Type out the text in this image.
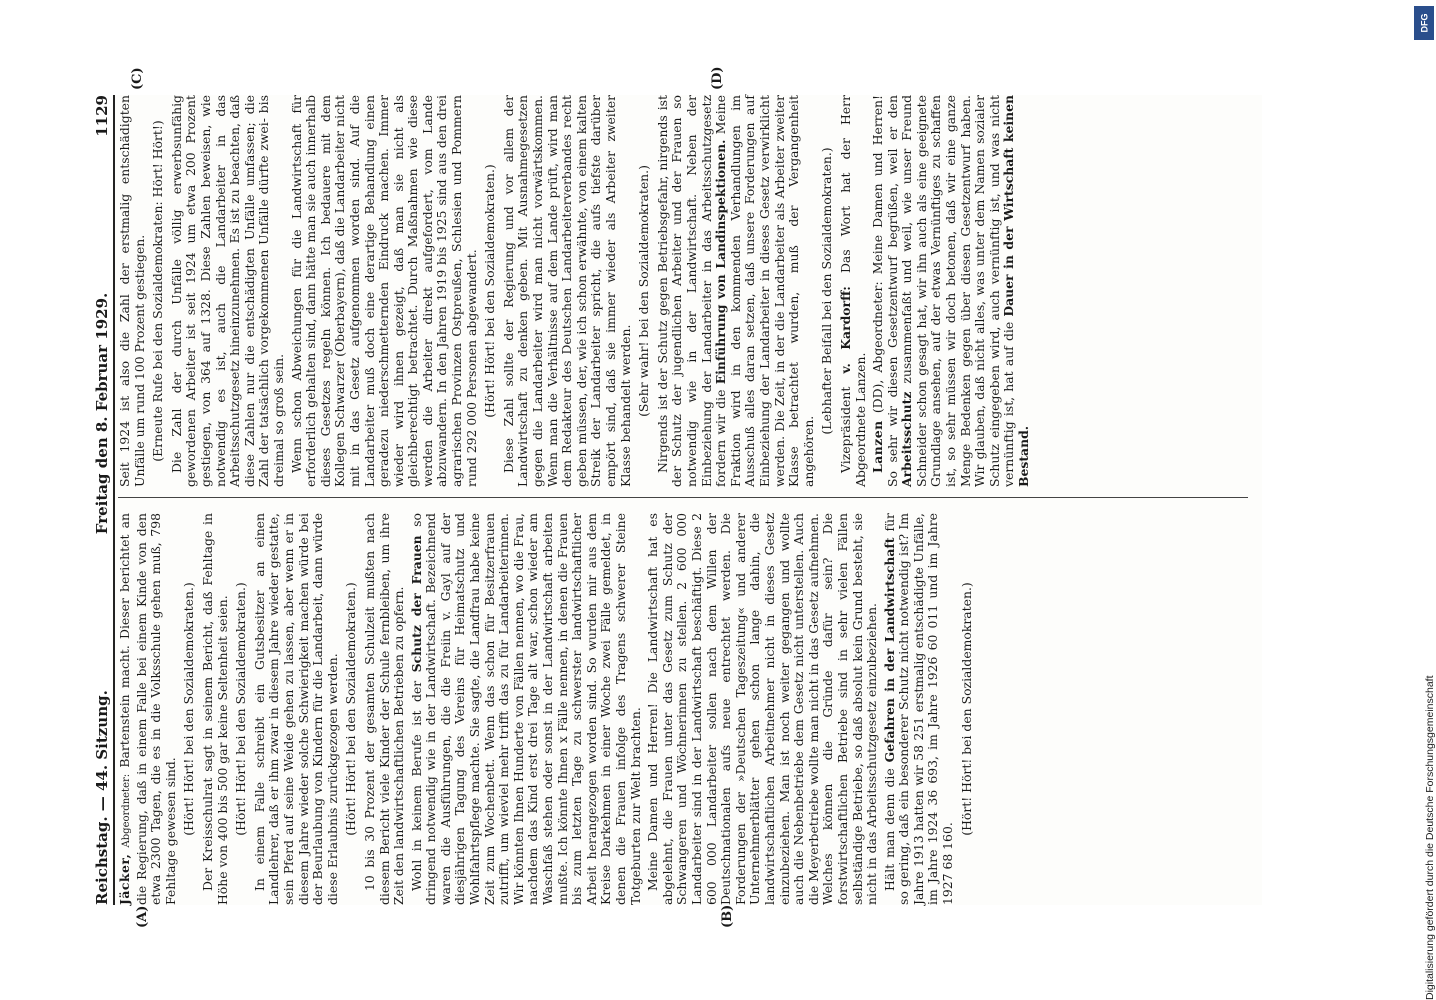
Reichstag. — 44. Sitzung.
Freitag den 8. Februar 1929.
1129

Jäcker, Abgeordneter: Bartenstein macht. Dieser berichtet an die Regierung, daß in einem Falle bei einem Kinde von den etwa 2300 Tagen, die es in die Volksschule gehen muß, 798 Fehltage gewesen sind. (Hört! Hört! bei den Sozialdemokraten.) Der Kreisschulrat sagt in seinem Bericht, daß Fehltage in Höhe von 400 bis 500 gar keine Seltenheit seien. (Hört! Hört! bei den Sozialdemokraten.) In einem Falle schreibt ein Gutsbesitzer an einen Landlehrer, daß er ihm zwar in diesem Jahre wieder gestatte, sein Pferd auf seine Weide gehen zu lassen, aber wenn er in diesem Jahre wieder solche Schwierigkeit machen würde bei der Beurlaubung von Kindern für die Landarbeit, dann würde diese Erlaubnis zurückgezogen werden. (Hört! Hört! bei den Sozialdemokraten.) 10 bis 30 Prozent der gesamten Schulzeit mußten nach diesem Bericht viele Kinder der Schule fernbleiben, um ihre Zeit den landwirtschaftlichen Betrieben zu opfern. Wohl in keinem Berufe ist der Schutz der Frauen so dringend notwendig wie in der Landwirtschaft. Bezeichnend waren die Ausführungen, die die Freiin v. Gayl auf der diesjährigen Tagung des Vereins für Heimatschutz und Wohlfahrtspflege machte. Sie sagte, die Landfrau habe keine Zeit zum Wochenbett. Wenn das schon für Besitzerfrauen zutrifft, um wieviel mehr trifft das zu für Landarbeiterinnen. Wir könnten Ihnen Hunderte von Fällen nennen, wo die Frau, nachdem das Kind erst drei Tage alt war, schon wieder am Waschfaß stehen oder sonst in der Landwirtschaft arbeiten mußte. Ich könnte Ihnen x Fälle nennen, in denen die Frauen bis zum letzten Tage zu schwerster landwirtschaftlicher Arbeit herangezogen worden sind. So wurden mir aus dem Kreise Darkehmen in einer Woche zwei Fälle gemeldet, in denen die Frauen infolge des Tragens schwerer Steine Totgeburten zur Welt brachten. Meine Damen und Herren! Die Landwirtschaft hat es abgelehnt, die Frauen unter das Gesetz zum Schutz der Schwangeren und Wöchnerinnen zu stellen. 2 600 000 Landarbeiter sind in der Landwirtschaft beschäftigt. Diese 2 600 000 Landarbeiter sollen nach dem Willen der Deutschnationalen aufs neue entrechtet werden. Die Forderungen der »Deutschen Tageszeitung« und anderer Unternehmerblätter gehen schon lange dahin, die landwirtschaftlichen Arbeitnehmer nicht in dieses Gesetz einzubeziehen. Man ist noch weiter gegangen und wollte auch die Nebenbetriebe dem Gesetz nicht unterstellen. Auch die Meyerbetriebe wollte man nicht in das Gesetz aufnehmen. Welches können die Gründe dafür sein? Die forstwirtschaftlichen Betriebe sind in sehr vielen Fällen selbständige Betriebe, so daß absolut kein Grund besteht, sie nicht in das Arbeitsschutzgesetz einzubeziehen. Hält man denn die Gefahren in der Landwirtschaft für so gering, daß ein besonderer Schutz nicht notwendig ist? Im Jahre 1913 hatten wir 58 251 erstmalig entschädigte Unfälle, im Jahre 1924 36 693, im Jahre 1926 60 011 und im Jahre 1927 68 160.

(Hört! Hört! bei den Sozialdemokraten.)

Seit 1924 ist also die Zahl der erstmalig entschädigten Unfälle um rund 100 Prozent gestiegen. (Erneute Rufe bei den Sozialdemokraten: Hört! Hört!) Die Zahl der durch Unfälle völlig erwerbsunfähig gewordenen Arbeiter ist seit 1924 um etwa 200 Prozent gestiegen, von 364 auf 1328. Diese Zahlen beweisen, wie notwendig es ist, auch die Landarbeiter in das Arbeitsschutzgesetz hineinzunehmen. Es ist zu beachten, daß diese Zahlen nur die entschädigten Unfälle umfassen; die Zahl der tatsächlich vorgekommenen Unfälle dürfte zwei- bis dreimal so groß sein. Wenn schon Abweichungen für die Landwirtschaft für erforderlich gehalten sind, dann hätte man sie auch innerhalb dieses Gesetzes regeln können. Ich bedauere mit dem Kollegen Schwarzer (Oberbayern), daß die Landarbeiter nicht mit in das Gesetz aufgenommen worden sind. Auf die Landarbeiter muß doch eine derartige Behandlung einen geradezu niederschmetternden Eindruck machen. Immer wieder wird ihnen gezeigt, daß man sie nicht als gleichberechtigt betrachtet. Durch Maßnahmen wie diese werden die Arbeiter direkt aufgefordert, vom Lande abzuwandern. In den Jahren 1919 bis 1925 sind aus den drei agrarischen Provinzen Ostpreußen, Schlesien und Pommern rund 292 000 Personen abgewandert. (Hört! Hört! bei den Sozialdemokraten.) Diese Zahl sollte der Regierung und vor allem der Landwirtschaft zu denken geben. Mit Ausnahmegesetzen gegen die Landarbeiter wird man nicht vorwärtskommen. Wenn man die Verhältnisse auf dem Lande prüft, wird man dem Redakteur des Deutschen Landarbeiterverbandes recht geben müssen, der, wie ich schon erwähnte, von einem kalten Streik der Landarbeiter spricht, die aufs tiefste darüber empört sind, daß sie immer wieder als Arbeiter zweiter Klasse behandelt werden. (Sehr wahr! bei den Sozialdemokraten.) Nirgends ist der Schutz gegen Betriebsgefahr, nirgends ist der Schutz der jugendlichen Arbeiter und der Frauen so notwendig wie in der Landwirtschaft. Neben der Einbeziehung der Landarbeiter in das Arbeitsschutzgesetz fordern wir die Einführung von Landinspektionen. Meine Fraktion wird in den kommenden Verhandlungen im Ausschuß alles daran setzen, daß unsere Forderungen auf Einbeziehung der Landarbeiter in dieses Gesetz verwirklicht werden. Die Zeit, in der die Landarbeiter als Arbeiter zweiter Klasse betrachtet wurden, muß der Vergangenheit angehören.

(Lebhafter Beifall bei den Sozialdemokraten.) Vizepräsident v. Kardorff: Das Wort hat der Herr Abgeordnete Lanzen. Lanzen (DD), Abgeordneter: Meine Damen und Herren! So sehr wir diesen Gesetzentwurf begrüßen, weil er den Arbeitsschutz zusammenfaßt und weil, wie unser Freund Schneider schon gesagt hat, wir ihn auch als eine geeignete Grundlage ansehen, auf der etwas Vernünftiges zu schaffen ist, so sehr müssen wir doch betonen, daß wir eine ganze Menge Bedenken gegen über diesen Gesetzentwurf haben. Wir glauben, daß nicht alles, was unter dem Namen sozialer Schutz eingegeben wird, auch vernünftig ist, und was nicht vernünftig ist, hat auf die Dauer in der Wirtschaft keinen Bestand.

(A)	(B)
(C)	(D)
Digitalisierung gefördert durch die Deutsche Forschungsgemeinschaft
DFG
